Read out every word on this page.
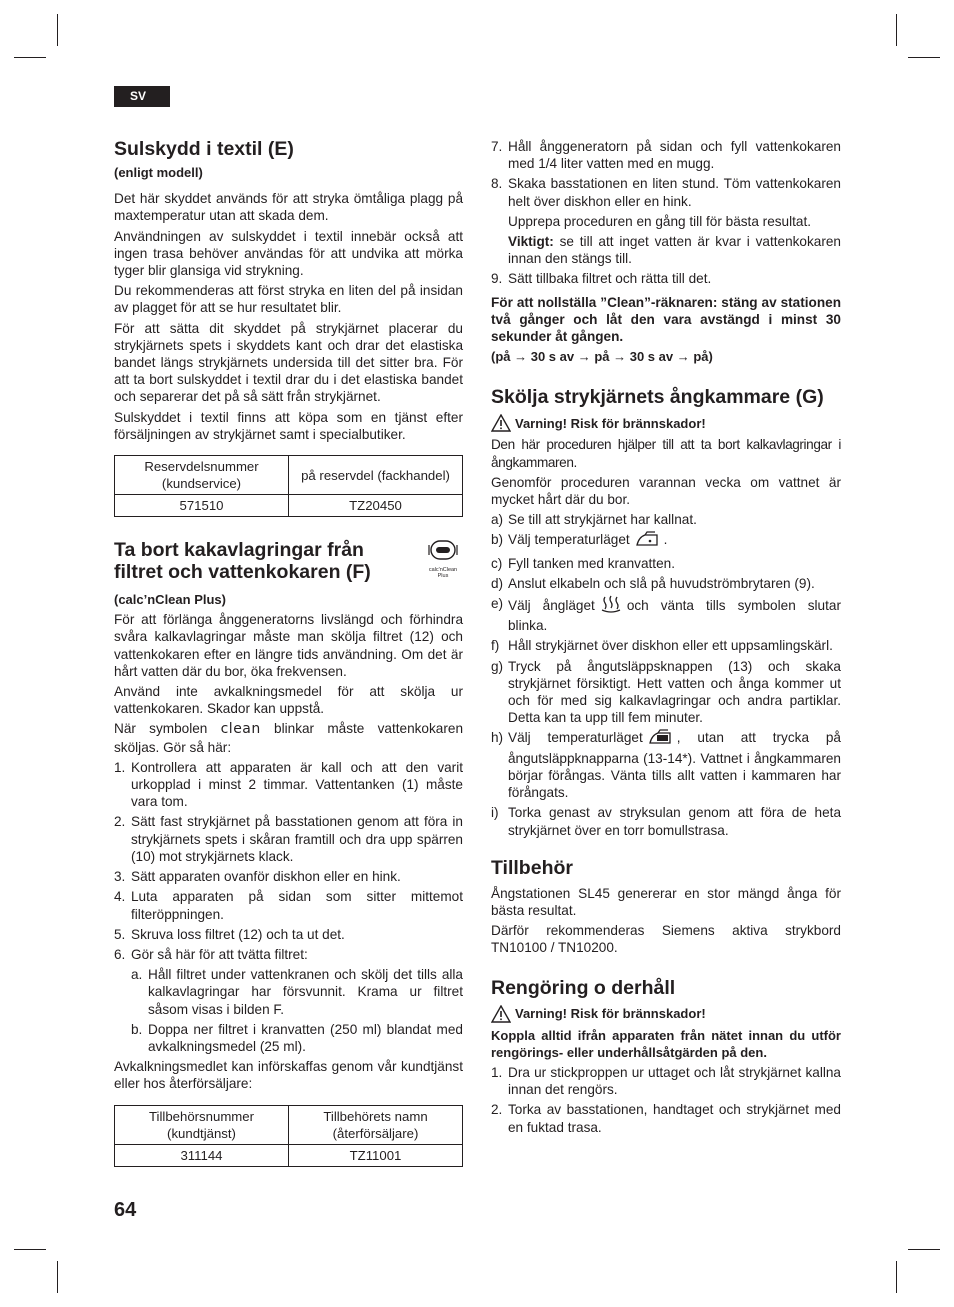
SV
Sulskydd i textil (E)
(enligt modell)

Det här skyddet används för att stryka ömtåliga plagg på maxtemperatur utan att skada dem.

Användningen av sulskyddet i textil innebär också att ingen trasa behöver användas för att undvika att mörka tyger blir glansiga vid strykning.

Du rekommenderas att först stryka en liten del på insidan av plagget för att se hur resultatet blir.

För att sätta dit skyddet på strykjärnet placerar du strykjärnets spets i skyddets kant och drar det elastiska bandet längs strykjärnets undersida till det sitter bra. För att ta bort sulskyddet i textil drar du i det elastiska bandet och separerar det på så sätt från strykjärnet.

Sulskyddet i textil finns att köpa som en tjänst efter försäljningen av strykjärnet samt i specialbutiker.

Reservdelsnummer (kundservice)	på reservdel (fackhandel)
571510	TZ20450
Ta bort kakavlagringar från filtret och vattenkokaren (F)	calc'nClean Plus
(calc’nClean Plus)

För att förlänga ånggeneratorns livslängd och förhindra svåra kalkavlagringar måste man skölja filtret (12) och vattenkokaren efter en längre tids användning. Om det är hårt vatten där du bor, öka frekvensen.

Använd inte avkalkningsmedel för att skölja ur vattenkokaren. Skador kan uppstå.

När symbolen clean blinkar måste vattenkokaren sköljas. Gör så här:

1. Kontrollera att apparaten är kall och att den varit urkopplad i minst 2 timmar. Vattentanken (1) måste vara tom.
2. Sätt fast strykjärnet på basstationen genom att föra in strykjärnets spets i skåran framtill och dra upp spärren (10) mot strykjärnets klack.
3. Sätt apparaten ovanför diskhon eller en hink.
4. Luta apparaten på sidan som sitter mittemot filteröppningen.
5. Skruva loss filtret (12) och ta ut det.
6. Gör så här för att tvätta filtret:
a. Håll filtret under vattenkranen och skölj det tills alla kalkavlagringar har försvunnit. Krama ur filtret såsom visas i bilden F.
b. Doppa ner filtret i kranvatten (250 ml) blandat med avkalkningsmedel (25 ml).

Avkalkningsmedlet kan införskaffas genom vår kundtjänst eller hos återförsäljare:

Tillbehörsnummer (kundtjänst)	Tillbehörets namn (återförsäljare)
311144	TZ11001
7. Håll ånggeneratorn på sidan och fyll vattenkokaren med 1/4 liter vatten med en mugg.
8. Skaka basstationen en liten stund. Töm vattenkokaren helt över diskhon eller en hink.

Upprepa proceduren en gång till för bästa resultat.

Viktigt: se till att inget vatten är kvar i vattenkokaren innan den stängs till.

9. Sätt tillbaka filtret och rätta till det.

För att nollställa ”Clean”-räknaren: stäng av stationen två gånger och låt den vara avstängd i minst 30 sekunder åt gången.

(på → 30 s av → på → 30 s av → på)

Skölja strykjärnets ångkammare (G)
Varning! Risk för brännskador!

Den här proceduren hjälper till att ta bort kalkavlagringar i ångkammaren.

Genomför proceduren varannan vecka om vattnet är mycket hårt där du bor.

a) Se till att strykjärnet har kallnat.
b) Välj temperaturläget	.
c) Fyll tanken med kranvatten.
d) Anslut elkabeln och slå på huvudströmbrytaren (9).
e) Välj ångläget och vänta tills symbolen slutar blinka.
f) Håll strykjärnet över diskhon eller ett uppsamlingskärl.
g) Tryck på ångutsläppsknappen (13) och skaka strykjärnet försiktigt. Hett vatten och ånga kommer ut och för med sig kalkavlagringar och andra partiklar. Detta kan ta upp till fem minuter.
h) Välj temperaturläget	, utan att trycka på ångutsläppknapparna (13-14*). Vattnet i ångkammaren börjar förångas. Vänta tills allt vatten i kammaren har förångats.
i) Torka genast av stryksulan genom att föra de heta strykjärnet över en torr bomullstrasa.
Tillbehör

Ångstationen SL45 genererar en stor mängd ånga för bästa resultat.

Därför rekommenderas Siemens aktiva strykbord TN10100 / TN10200.

Rengöring o derhåll
Varning! Risk för brännskador!

Koppla alltid ifrån apparaten från nätet innan du utför rengörings- eller underhållsåtgärden på den.

1. Dra ur stickproppen ur uttaget och låt strykjärnet kallna innan det rengörs.
2. Torka av basstationen, handtaget och strykjärnet med en fuktad trasa.
64
